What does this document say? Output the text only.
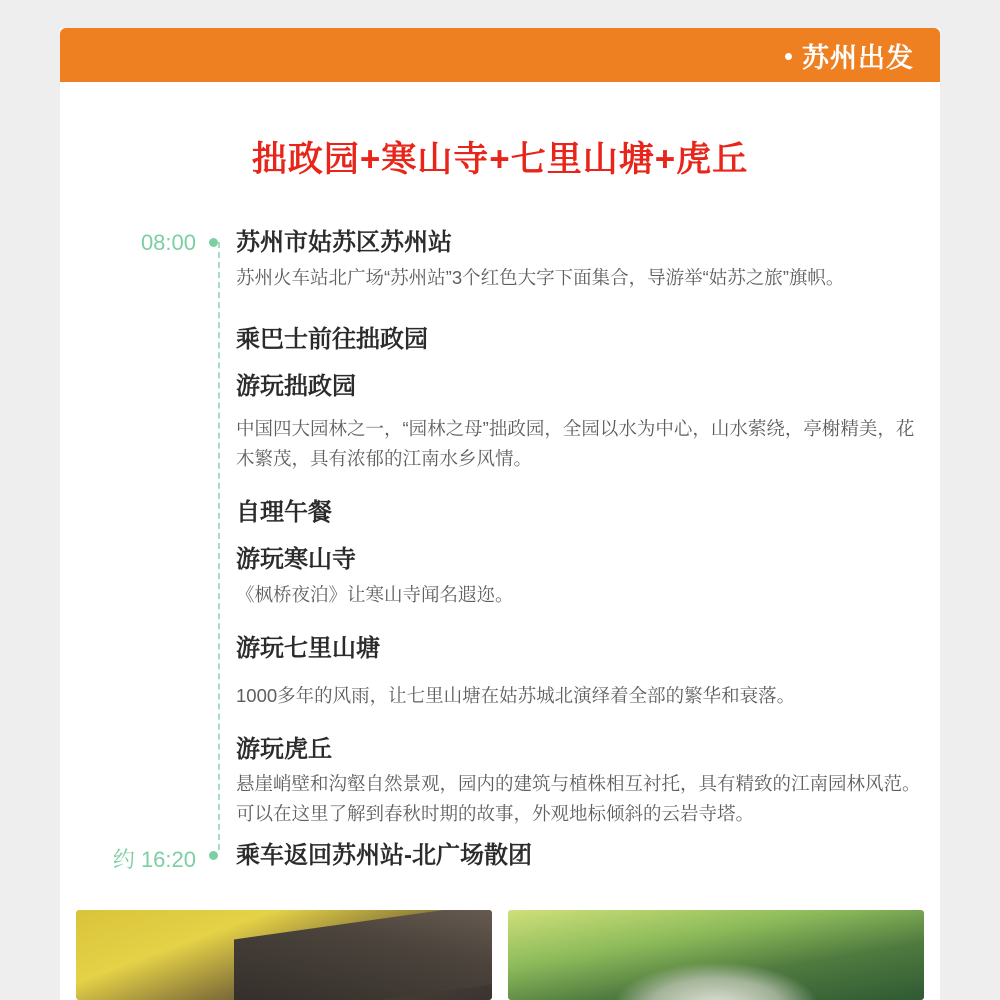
苏州出发
拙政园+寒山寺+七里山塘+虎丘
08:00	苏州市姑苏区苏州站

苏州火车站北广场“苏州站”3个红色大字下面集合，导游举“姑苏之旅”旗帜。

乘巴士前往拙政园

游玩拙政园

中国四大园林之一，“园林之母”拙政园，全园以水为中心，山水萦绕，亭榭精美，花木繁茂，具有浓郁的江南水乡风情。

自理午餐

游玩寒山寺

《枫桥夜泊》让寒山寺闻名遐迩。

游玩七里山塘

1000多年的风雨，让七里山塘在姑苏城北演绎着全部的繁华和衰落。

游玩虎丘

悬崖峭壁和沟壑自然景观，园内的建筑与植株相互衬托，具有精致的江南园林风范。可以在这里了解到春秋时期的故事，外观地标倾斜的云岩寺塔。

约 16:20	乘车返回苏州站-北广场散团
